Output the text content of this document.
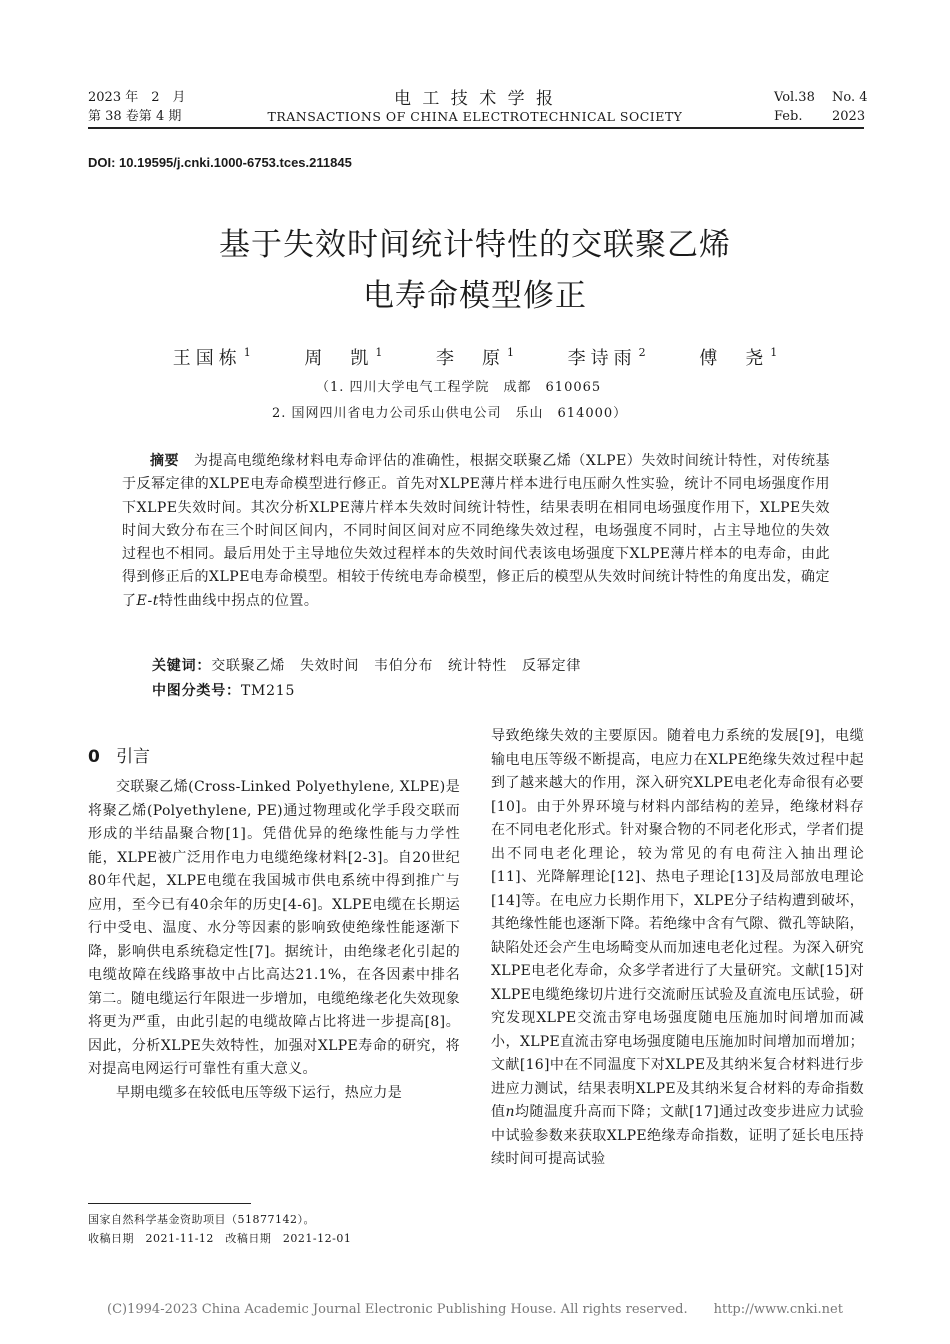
2023 年　2　月
第 38 卷第 4 期
电 工 技 术 学 报
TRANSACTIONS OF CHINA ELECTROTECHNICAL SOCIETY
Vol.38 No. 4
Feb. 2023
DOI: 10.19595/j.cnki.1000-6753.tces.211845
基于失效时间统计特性的交联聚乙烯
电寿命模型修正
王国栋 $^1$	周　凯 $^1$	李　原 $^1$	李诗雨 $^2$	傅　尧 $^1$
（1. 四川大学电气工程学院　成都　610065
2. 国网四川省电力公司乐山供电公司　乐山　614000）
摘要 为提高电缆绝缘材料电寿命评估的准确性，根据交联聚乙烯（XLPE）失效时间统计特性，对传统基于反幂定律的XLPE电寿命模型进行修正。首先对XLPE薄片样本进行电压耐久性实验，统计不同电场强度作用下XLPE失效时间。其次分析XLPE薄片样本失效时间统计特性，结果表明在相同电场强度作用下，XLPE失效时间大致分布在三个时间区间内，不同时间区间对应不同绝缘失效过程，电场强度不同时，占主导地位的失效过程也不相同。最后用处于主导地位失效过程样本的失效时间代表该电场强度下XLPE薄片样本的电寿命，由此得到修正后的XLPE电寿命模型。相较于传统电寿命模型，修正后的模型从失效时间统计特性的角度出发，确定了E-t特性曲线中拐点的位置。
关键词：交联聚乙烯　失效时间　韦伯分布　统计特性　反幂定律
中图分类号：TM215
0 引言

交联聚乙烯(Cross-Linked Polyethylene, XLPE)是将聚乙烯(Polyethylene, PE)通过物理或化学手段交联而形成的半结晶聚合物[1]。凭借优异的绝缘性能与力学性能，XLPE被广泛用作电力电缆绝缘材料[2-3]。自20世纪80年代起，XLPE电缆在我国城市供电系统中得到推广与应用，至今已有40余年的历史[4-6]。XLPE电缆在长期运行中受电、温度、水分等因素的影响致使绝缘性能逐渐下降，影响供电系统稳定性[7]。据统计，由绝缘老化引起的电缆故障在线路事故中占比高达21.1%，在各因素中排名第二。随电缆运行年限进一步增加，电缆绝缘老化失效现象将更为严重，由此引起的电缆故障占比将进一步提高[8]。因此，分析XLPE失效特性，加强对XLPE寿命的研究，将对提高电网运行可靠性有重大意义。

早期电缆多在较低电压等级下运行，热应力是

导致绝缘失效的主要原因。随着电力系统的发展[9]，电缆输电电压等级不断提高，电应力在XLPE绝缘失效过程中起到了越来越大的作用，深入研究XLPE电老化寿命很有必要[10]。由于外界环境与材料内部结构的差异，绝缘材料存在不同电老化形式。针对聚合物的不同老化形式，学者们提出不同电老化理论，较为常见的有电荷注入抽出理论[11]、光降解理论[12]、热电子理论[13]及局部放电理论[14]等。在电应力长期作用下，XLPE分子结构遭到破坏，其绝缘性能也逐渐下降。若绝缘中含有气隙、微孔等缺陷，缺陷处还会产生电场畸变从而加速电老化过程。为深入研究XLPE电老化寿命，众多学者进行了大量研究。文献[15]对XLPE电缆绝缘切片进行交流耐压试验及直流电压试验，研究发现XLPE交流击穿电场强度随电压施加时间增加而减小，XLPE直流击穿电场强度随电压施加时间增加而增加；文献[16]中在不同温度下对XLPE及其纳米复合材料进行步进应力测试，结果表明XLPE及其纳米复合材料的寿命指数值n均随温度升高而下降；文献[17]通过改变步进应力试验中试验参数来获取XLPE绝缘寿命指数，证明了延长电压持续时间可提高试验

国家自然科学基金资助项目（51877142）。
收稿日期　2021-11-12　改稿日期　2021-12-01
(C)1994-2023 China Academic Journal Electronic Publishing House. All rights reserved.　　http://www.cnki.net
